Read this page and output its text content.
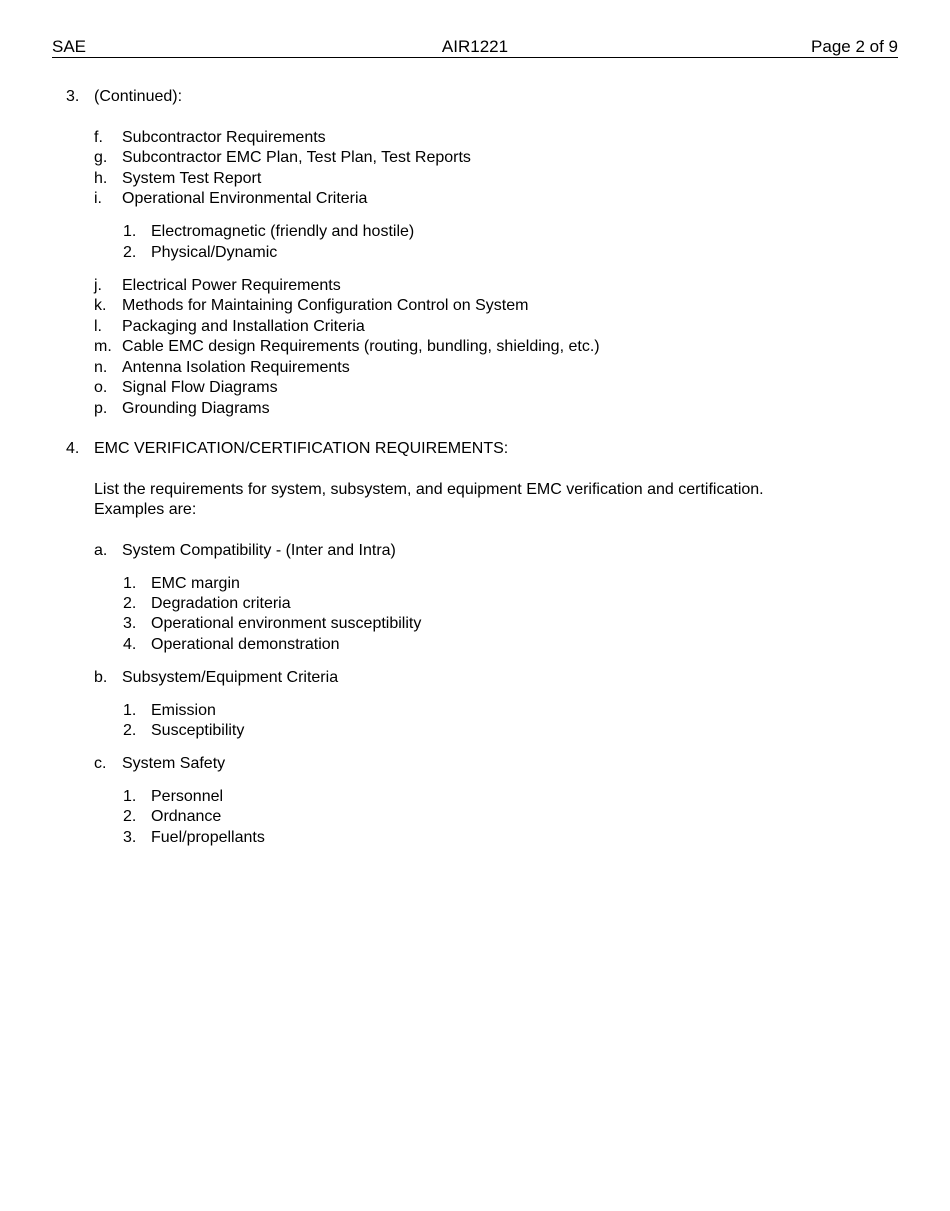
AIR1221
SAE	Page 2 of 9
3. (Continued):
f. Subcontractor Requirements
g. Subcontractor EMC Plan, Test Plan, Test Reports
h. System Test Report
i. Operational Environmental Criteria
1. Electromagnetic (friendly and hostile)
2. Physical/Dynamic
j. Electrical Power Requirements
k. Methods for Maintaining Configuration Control on System
l. Packaging and Installation Criteria
m. Cable EMC design Requirements (routing, bundling, shielding, etc.)
n. Antenna Isolation Requirements
o. Signal Flow Diagrams
p. Grounding Diagrams
4. EMC VERIFICATION/CERTIFICATION REQUIREMENTS:
List the requirements for system, subsystem, and equipment EMC verification and certification.
Examples are:
a. System Compatibility - (Inter and Intra)
1. EMC margin
2. Degradation criteria
3. Operational environment susceptibility
4. Operational demonstration
b. Subsystem/Equipment Criteria
1. Emission
2. Susceptibility
c. System Safety
1. Personnel
2. Ordnance
3. Fuel/propellants
